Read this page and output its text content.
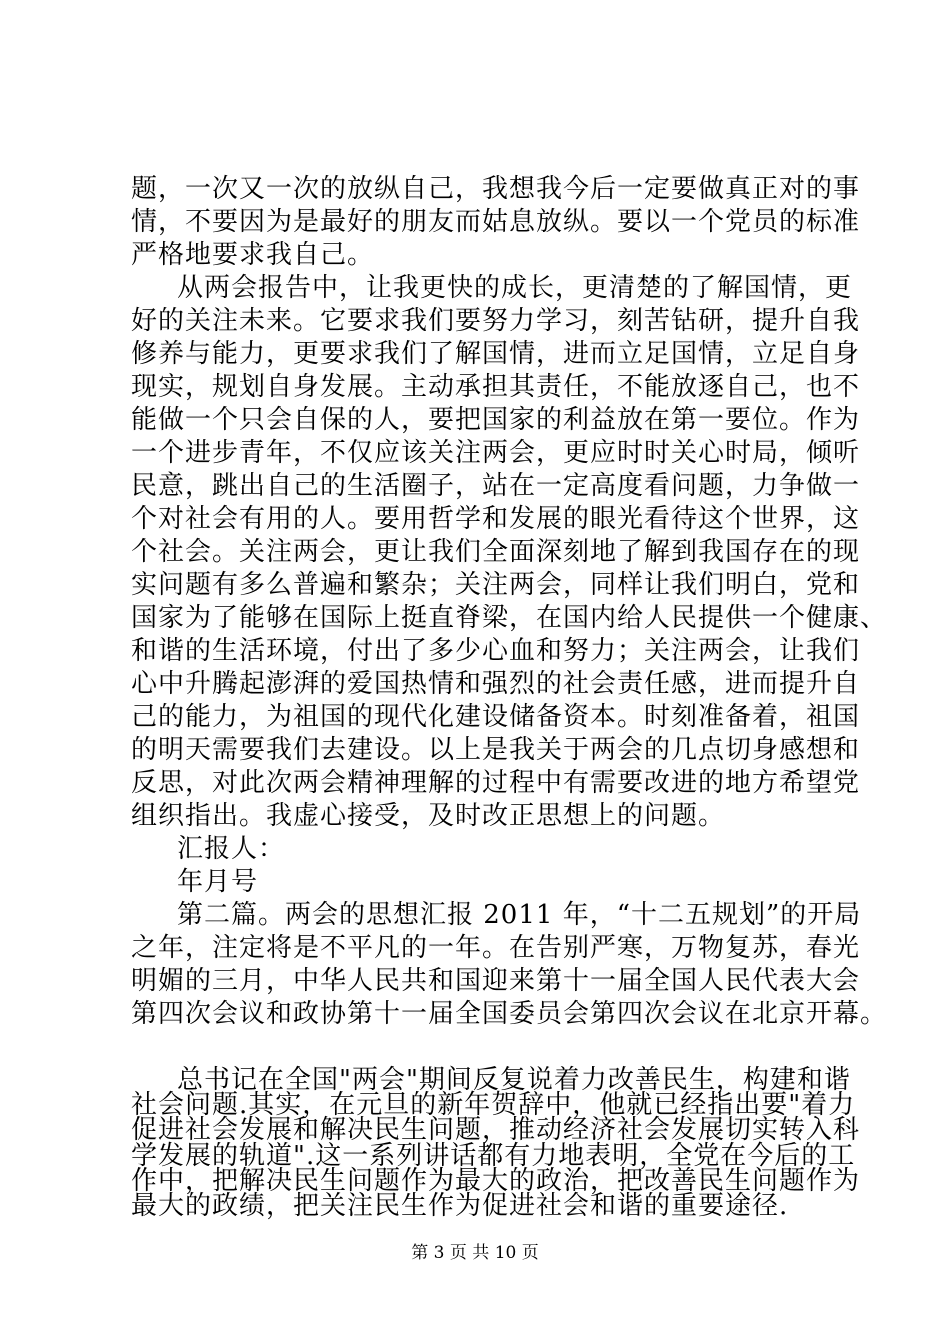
题，一次又一次的放纵自己，我想我今后一定要做真正对的事
情，不要因为是最好的朋友而姑息放纵。要以一个党员的标准
严格地要求我自己。
从两会报告中，让我更快的成长，更清楚的了解国情，更
好的关注未来。它要求我们要努力学习，刻苦钻研，提升自我
修养与能力，更要求我们了解国情，进而立足国情，立足自身
现实，规划自身发展。主动承担其责任，不能放逐自己，也不
能做一个只会自保的人，要把国家的利益放在第一要位。作为
一个进步青年，不仅应该关注两会，更应时时关心时局，倾听
民意，跳出自己的生活圈子，站在一定高度看问题，力争做一
个对社会有用的人。要用哲学和发展的眼光看待这个世界，这
个社会。关注两会，更让我们全面深刻地了解到我国存在的现
实问题有多么普遍和繁杂；关注两会，同样让我们明白，党和
国家为了能够在国际上挺直脊梁，在国内给人民提供一个健康、
和谐的生活环境，付出了多少心血和努力；关注两会，让我们
心中升腾起澎湃的爱国热情和强烈的社会责任感，进而提升自
己的能力，为祖国的现代化建设储备资本。时刻准备着，祖国
的明天需要我们去建设。以上是我关于两会的几点切身感想和
反思，对此次两会精神理解的过程中有需要改进的地方希望党
组织指出。我虚心接受，及时改正思想上的问题。
汇报人：
年月号
第二篇。两会的思想汇报 2011 年，“十二五规划”的开局
之年，注定将是不平凡的一年。在告别严寒，万物复苏，春光
明媚的三月，中华人民共和国迎来第十一届全国人民代表大会
第四次会议和政协第十一届全国委员会第四次会议在北京开幕。
总书记在全国"两会"期间反复说着力改善民生，构建和谐
社会问题.其实，在元旦的新年贺辞中，他就已经指出要"着力
促进社会发展和解决民生问题，推动经济社会发展切实转入科
学发展的轨道".这一系列讲话都有力地表明，全党在今后的工
作中，把解决民生问题作为最大的政治，把改善民生问题作为
最大的政绩，把关注民生作为促进社会和谐的重要途径.
第 3 页 共 10 页
